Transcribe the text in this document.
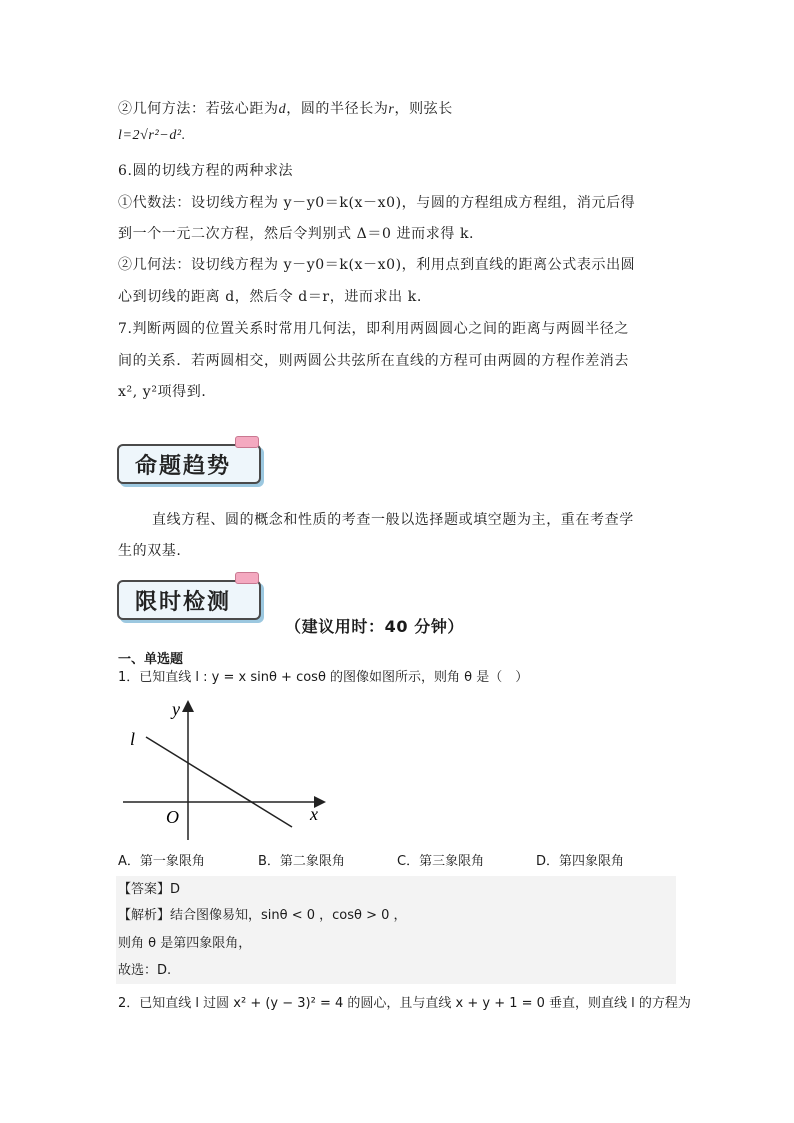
②几何方法：若弦心距为d，圆的半径长为r，则弦长
l=2√r²−d².
6.圆的切线方程的两种求法
①代数法：设切线方程为 y－y0＝k(x－x0)，与圆的方程组成方程组，消元后得
到一个一元二次方程，然后令判别式 Δ＝0 进而求得 k.
②几何法：设切线方程为 y－y0＝k(x－x0)，利用点到直线的距离公式表示出圆
心到切线的距离 d，然后令 d＝r，进而求出 k.
7.判断两圆的位置关系时常用几何法，即利用两圆圆心之间的距离与两圆半径之
间的关系．若两圆相交，则两圆公共弦所在直线的方程可由两圆的方程作差消去
x², y²项得到．
命题趋势
直线方程、圆的概念和性质的考查一般以选择题或填空题为主，重在考查学
生的双基.
限时检测
（建议用时：40 分钟）
一、单选题
1．已知直线 l : y = x sinθ + cosθ 的图像如图所示，则角 θ 是（　）
y
x
O
l
A．第一象限角	B．第二象限角	C．第三象限角	D．第四象限角
【答案】D
【解析】结合图像易知，sinθ < 0 ，cosθ > 0 ，
则角 θ 是第四象限角，
故选：D.
2．已知直线 l 过圆 x² + (y − 3)² = 4 的圆心，且与直线 x + y + 1 = 0 垂直，则直线 l 的方程为
